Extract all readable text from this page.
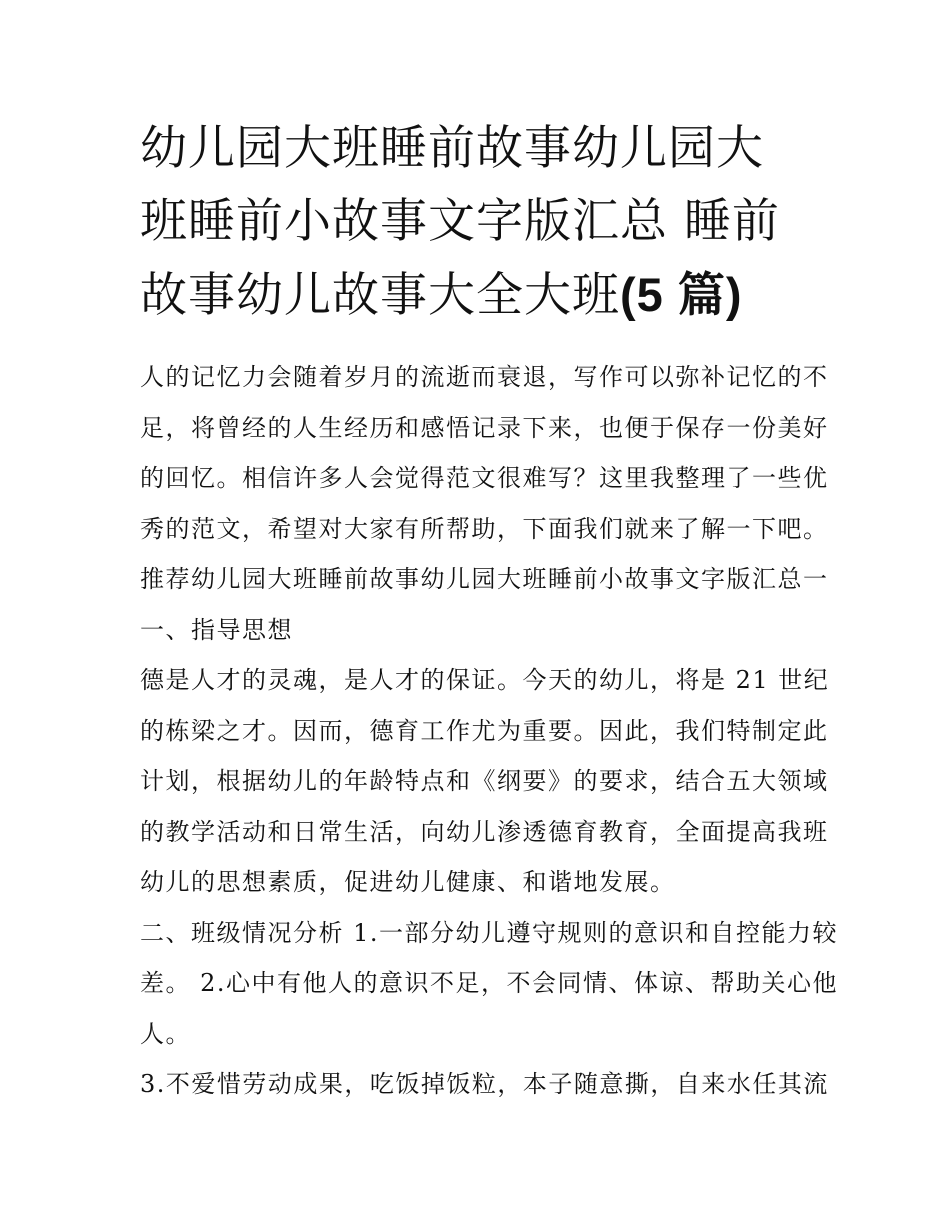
幼儿园大班睡前故事幼儿园大
班睡前小故事文字版汇总 睡前
故事幼儿故事大全大班(5 篇)
人的记忆力会随着岁月的流逝而衰退，写作可以弥补记忆的不
足，将曾经的人生经历和感悟记录下来，也便于保存一份美好
的回忆。相信许多人会觉得范文很难写？这里我整理了一些优
秀的范文，希望对大家有所帮助，下面我们就来了解一下吧。
推荐幼儿园大班睡前故事幼儿园大班睡前小故事文字版汇总一
一、指导思想
德是人才的灵魂，是人才的保证。今天的幼儿，将是 21 世纪
的栋梁之才。因而，德育工作尤为重要。因此，我们特制定此
计划，根据幼儿的年龄特点和《纲要》的要求，结合五大领域
的教学活动和日常生活，向幼儿渗透德育教育，全面提高我班
幼儿的思想素质，促进幼儿健康、和谐地发展。
二、班级情况分析 1.一部分幼儿遵守规则的意识和自控能力较
差。 2.心中有他人的意识不足，不会同情、体谅、帮助关心他
人。
3.不爱惜劳动成果，吃饭掉饭粒，本子随意撕，自来水任其流
